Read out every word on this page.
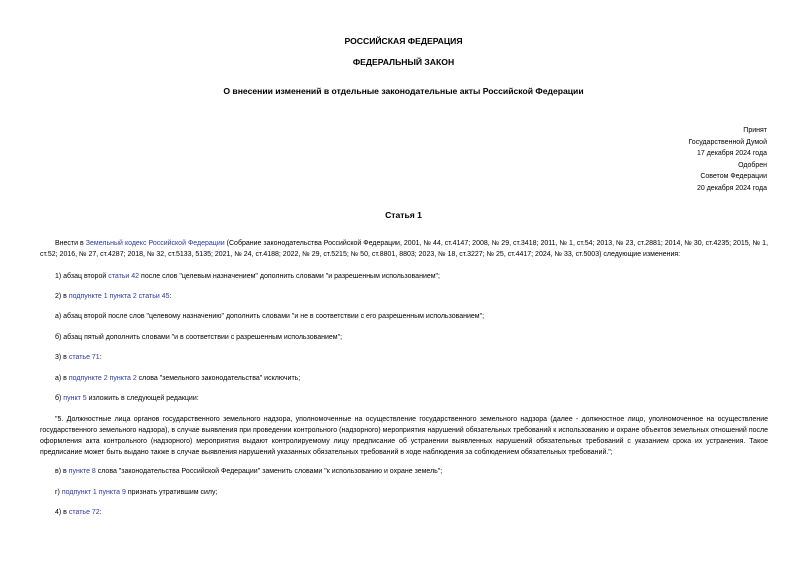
РОССИЙСКАЯ ФЕДЕРАЦИЯ
ФЕДЕРАЛЬНЫЙ ЗАКОН
О внесении изменений в отдельные законодательные акты Российской Федерации
Принят
Государственной Думой
17 декабря 2024 года
Одобрен
Советом Федерации
20 декабря 2024 года
Статья 1
Внести в Земельный кодекс Российской Федерации (Собрание законодательства Российской Федерации, 2001, № 44, ст.4147; 2008, № 29, ст.3418; 2011, № 1, ст.54; 2013, № 23, ст.2881; 2014, № 30, ст.4235; 2015, № 1, ст.52; 2016, № 27, ст.4287; 2018, № 32, ст.5133, 5135; 2021, № 24, ст.4188; 2022, № 29, ст.5215; № 50, ст.8801, 8803; 2023, № 18, ст.3227; № 25, ст.4417; 2024, № 33, ст.5003) следующие изменения:
1) абзац второй статьи 42 после слов "целевым назначением" дополнить словами "и разрешенным использованием";
2) в подпункте 1 пункта 2 статьи 45:
а) абзац второй после слов "целевому назначению" дополнить словами "и не в соответствии с его разрешенным использованием";
б) абзац пятый дополнить словами "и в соответствии с разрешенным использованием";
3) в статье 71:
а) в подпункте 2 пункта 2 слова "земельного законодательства" исключить;
б) пункт 5 изложить в следующей редакции:
"5. Должностные лица органов государственного земельного надзора, уполномоченные на осуществление государственного земельного надзора (далее - должностное лицо, уполномоченное на осуществление государственного земельного надзора), в случае выявления при проведении контрольного (надзорного) мероприятия нарушений обязательных требований к использованию и охране объектов земельных отношений после оформления акта контрольного (надзорного) мероприятия выдают контролируемому лицу предписание об устранении выявленных нарушений обязательных требований с указанием срока их устранения. Такое предписание может быть выдано также в случае выявления нарушений указанных обязательных требований в ходе наблюдения за соблюдением обязательных требований.";
в) в пункте 8 слова "законодательства Российской Федерации" заменить словами "к использованию и охране земель";
г) подпункт 1 пункта 9 признать утратившим силу;
4) в статье 72:
